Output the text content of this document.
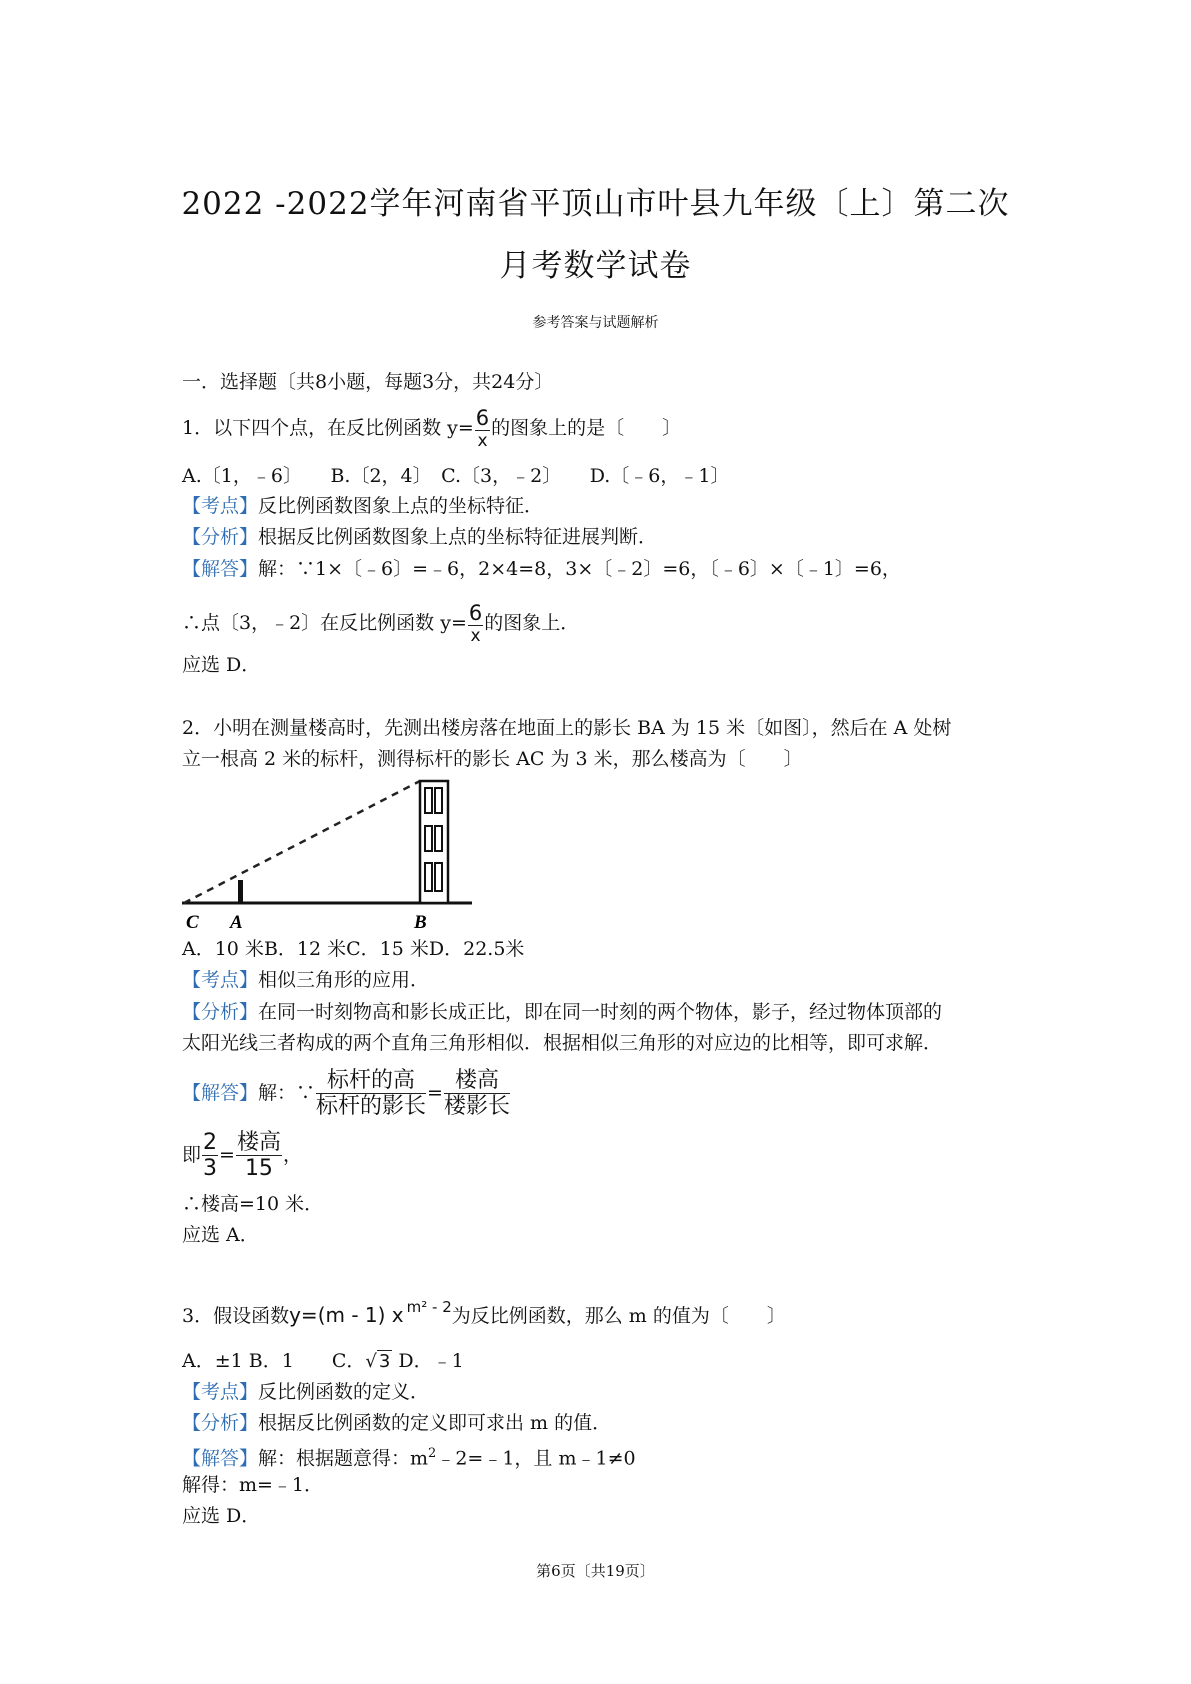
2022 -2022学年河南省平顶山市叶县九年级〔上〕第二次
月考数学试卷
参考答案与试题解析
一．选择题〔共8小题，每题3分，共24分〕
1．以下四个点，在反比例函数 $y= \frac{6}{x}$ 的图象上的是〔　　〕
A.〔1，﹣6〕　　B.〔2，4〕　C.〔3，﹣2〕　　D.〔﹣6，﹣1〕
【考点】反比例函数图象上点的坐标特征．
【分析】根据反比例函数图象上点的坐标特征进展判断．
【解答】解：∵1×〔﹣6〕=﹣6，2×4=8，3×〔﹣2〕=6，〔﹣6〕×〔﹣1〕=6，
∴点〔3，﹣2〕在反比例函数 $y= \frac{6}{x}$ 的图象上．
应选 D．
2．小明在测量楼高时，先测出楼房落在地面上的影长 BA 为 15 米〔如图〕，然后在 A 处树
立一根高 2 米的标杆，测得标杆的影长 AC 为 3 米，那么楼高为〔　　〕
C A	B
A．10 米B．12 米C．15 米D．22.5米
【考点】相似三角形的应用．
【分析】在同一时刻物高和影长成正比，即在同一时刻的两个物体，影子，经过物体顶部的
太阳光线三者构成的两个直角三角形相似．根据相似三角形的对应边的比相等，即可求解．
【解答】解：∵ $\frac{\text{标杆的高}}{\text{标杆的影长}} = \frac{\text{楼高}}{\text{楼影长}}$
即 $\frac{2}{3} = \frac{\text{楼高}}{15}$ ，
∴楼高=10 米．
应选 A．
3．假设函数y=(m - 1) x $^{m^2 - 2}$为反比例函数，那么 m 的值为〔　　〕
A．±1 B．1　　C．√ 3 D．﹣1
【考点】反比例函数的定义．
【分析】根据反比例函数的定义即可求出 m 的值．
【解答】解：根据题意得：$m^2﹣2=﹣1$，且 m﹣1≠0
解得：m=﹣1．
应选 D．
第6页〔共19页〕
